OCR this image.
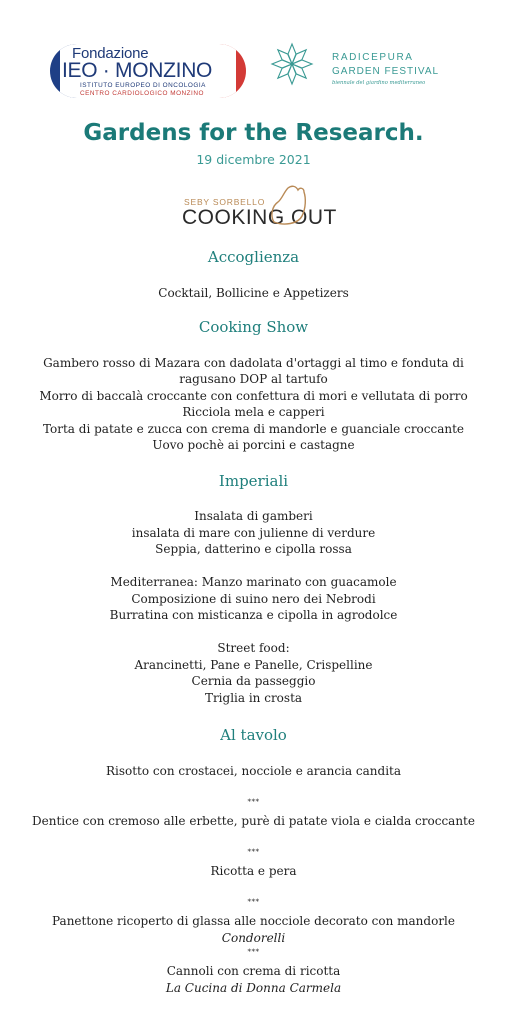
Fondazione
IEO · MONZINO
ISTITUTO EUROPEO DI ONCOLOGIA
CENTRO CARDIOLOGICO MONZINO
RADICEPURA
GARDEN FESTIVAL
biennale del giardino mediterraneo
Gardens for the Research.
19 dicembre 2021
SEBY SORBELLO
COOKING OUT
Accoglienza
Cocktail, Bollicine e Appetizers
Cooking Show
Gambero rosso di Mazara con dadolata d'ortaggi al timo e fonduta di
ragusano DOP al tartufo
Morro di baccalà croccante con confettura di mori e vellutata di porro
Ricciola mela e capperi
Torta di patate e zucca con crema di mandorle e guanciale croccante
Uovo pochè ai porcini e castagne
Imperiali
Insalata di gamberi
insalata di mare con julienne di verdure
Seppia, datterino e cipolla rossa
Mediterranea: Manzo marinato con guacamole
Composizione di suino nero dei Nebrodi
Burratina con misticanza e cipolla in agrodolce
Street food:
Arancinetti, Pane e Panelle, Crispelline
Cernia da passeggio
Triglia in crosta
Al tavolo
Risotto con crostacei, nocciole e arancia candita
***
Dentice con cremoso alle erbette, purè di patate viola e cialda croccante
***
Ricotta e pera
***
Panettone ricoperto di glassa alle nocciole decorato con mandorle
Condorelli
***
Cannoli con crema di ricotta
La Cucina di Donna Carmela
